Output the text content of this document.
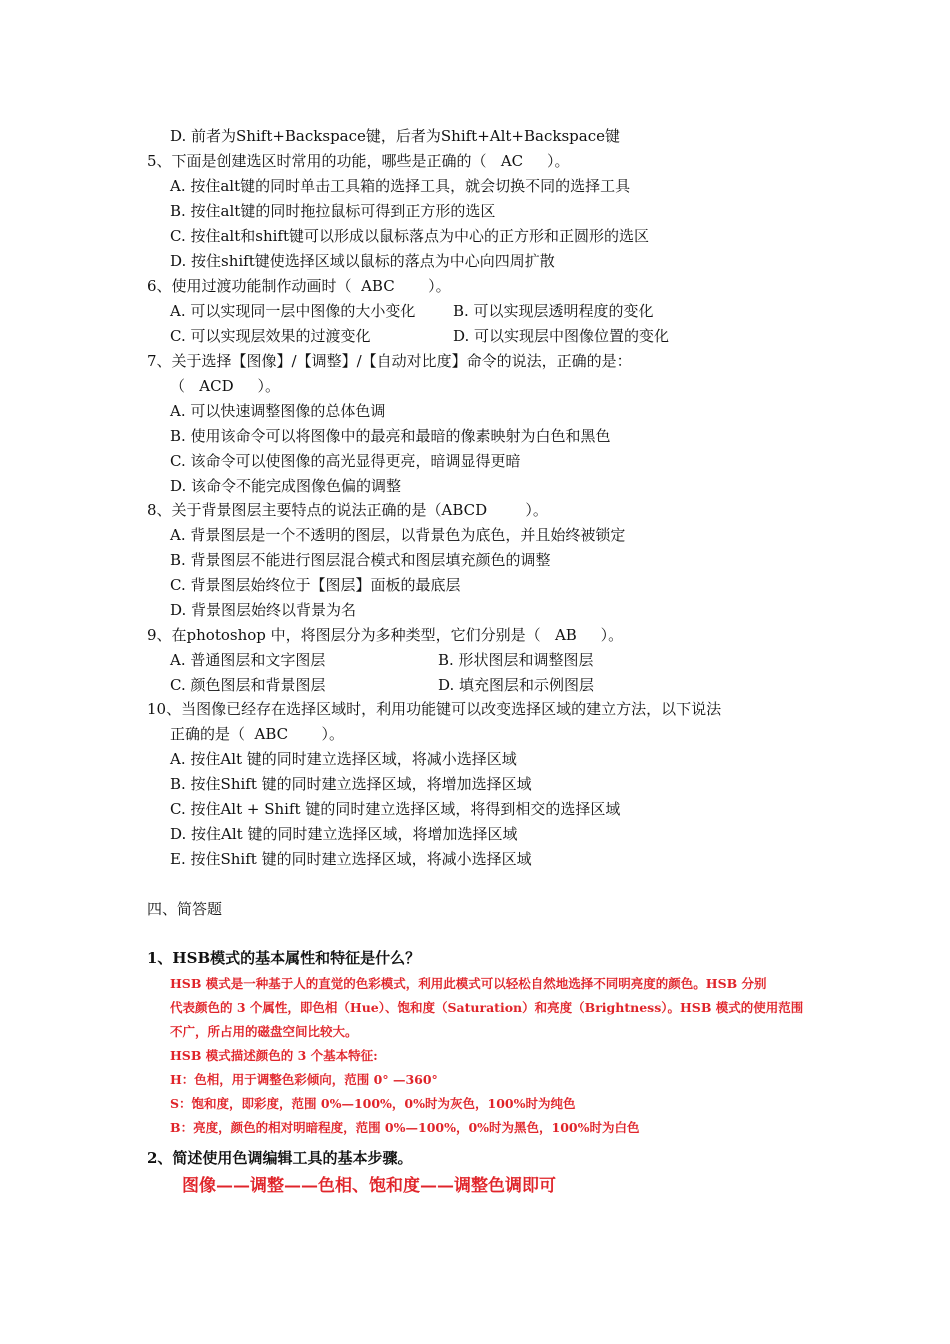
D. 前者为Shift+Backspace键，后者为Shift+Alt+Backspace键
5、下面是创建选区时常用的功能，哪些是正确的（   AC     ）。
A. 按住alt键的同时单击工具箱的选择工具，就会切换不同的选择工具
B. 按住alt键的同时拖拉鼠标可得到正方形的选区
C. 按住alt和shift键可以形成以鼠标落点为中心的正方形和正圆形的选区
D. 按住shift键使选择区域以鼠标的落点为中心向四周扩散
6、使用过渡功能制作动画时（  ABC       ）。
A. 可以实现同一层中图像的大小变化	B. 可以实现层透明程度的变化
C. 可以实现层效果的过渡变化	D. 可以实现层中图像位置的变化
7、关于选择【图像】/【调整】/【自动对比度】命令的说法，正确的是：
（   ACD     ）。
A. 可以快速调整图像的总体色调
B. 使用该命令可以将图像中的最亮和最暗的像素映射为白色和黑色
C. 该命令可以使图像的高光显得更亮，暗调显得更暗
D. 该命令不能完成图像色偏的调整
8、关于背景图层主要特点的说法正确的是（ABCD        ）。
A. 背景图层是一个不透明的图层，以背景色为底色，并且始终被锁定
B. 背景图层不能进行图层混合模式和图层填充颜色的调整
C. 背景图层始终位于【图层】面板的最底层
D. 背景图层始终以背景为名
9、在photoshop 中，将图层分为多种类型，它们分别是（   AB     ）。
A. 普通图层和文字图层	B. 形状图层和调整图层
C. 颜色图层和背景图层	D. 填充图层和示例图层
10、当图像已经存在选择区域时，利用功能键可以改变选择区域的建立方法，以下说法
正确的是（  ABC       ）。
A. 按住Alt 键的同时建立选择区域，将减小选择区域
B. 按住Shift 键的同时建立选择区域，将增加选择区域
C. 按住Alt + Shift 键的同时建立选择区域，将得到相交的选择区域
D. 按住Alt 键的同时建立选择区域，将增加选择区域
E. 按住Shift 键的同时建立选择区域，将减小选择区域
四、简答题
1、HSB模式的基本属性和特征是什么？
HSB 模式是一种基于人的直觉的色彩模式，利用此模式可以轻松自然地选择不同明亮度的颜色。HSB 分别
代表颜色的 3 个属性，即色相（Hue）、饱和度（Saturation）和亮度（Brightness）。HSB 模式的使用范围
不广，所占用的磁盘空间比较大。
HSB 模式描述颜色的 3 个基本特征:
H：色相，用于调整色彩倾向，范围 0° —360°
S：饱和度，即彩度，范围 0%—100%，0%时为灰色，100%时为纯色
B：亮度，颜色的相对明暗程度，范围 0%—100%，0%时为黑色，100%时为白色
2、简述使用色调编辑工具的基本步骤。
图像——调整——色相、饱和度——调整色调即可
